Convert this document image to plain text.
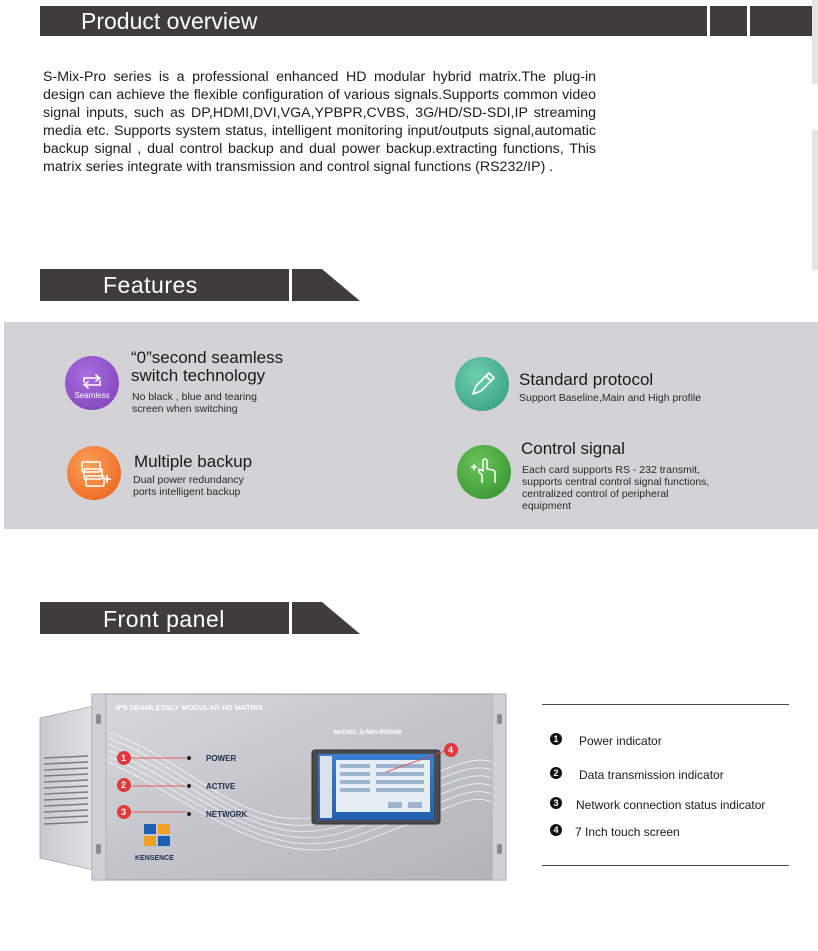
Product overview

S-Mix-Pro series is a professional enhanced HD modular hybrid matrix.The plug-in design can achieve the flexible configuration of various signals.Supports common video signal inputs, such as DP,HDMI,DVI,VGA,YPBPR,CVBS, 3G/HD/SD-SDI,IP streaming media etc. Supports system status, intelligent monitoring input/outputs signal,automatic backup signal , dual control backup and dual power backup.extracting functions, This matrix series integrate with transmission and control signal functions (RS232/IP) .

Features
Seamless
“0”second seamless
switch technology
No black , blue and tearing
screen when switching
Standard protocol
Support Baseline,Main and High profile
Multiple backup
Dual power redundancy
ports intelligent backup
Control signal
Each card supports RS - 232 transmit,
supports central control signal functions,
centralized control of peripheral
equipment
Front panel
9*9 SEAMLESSLY MODULAR HD MATRIX
MODEL:S-MIX-PRO99
POWER
ACTIVE
NETWORK
KENSENCE
1
2
3
4
1 Power indicator
2 Data transmission indicator
3 Network connection status indicator
4 7 Inch touch screen
